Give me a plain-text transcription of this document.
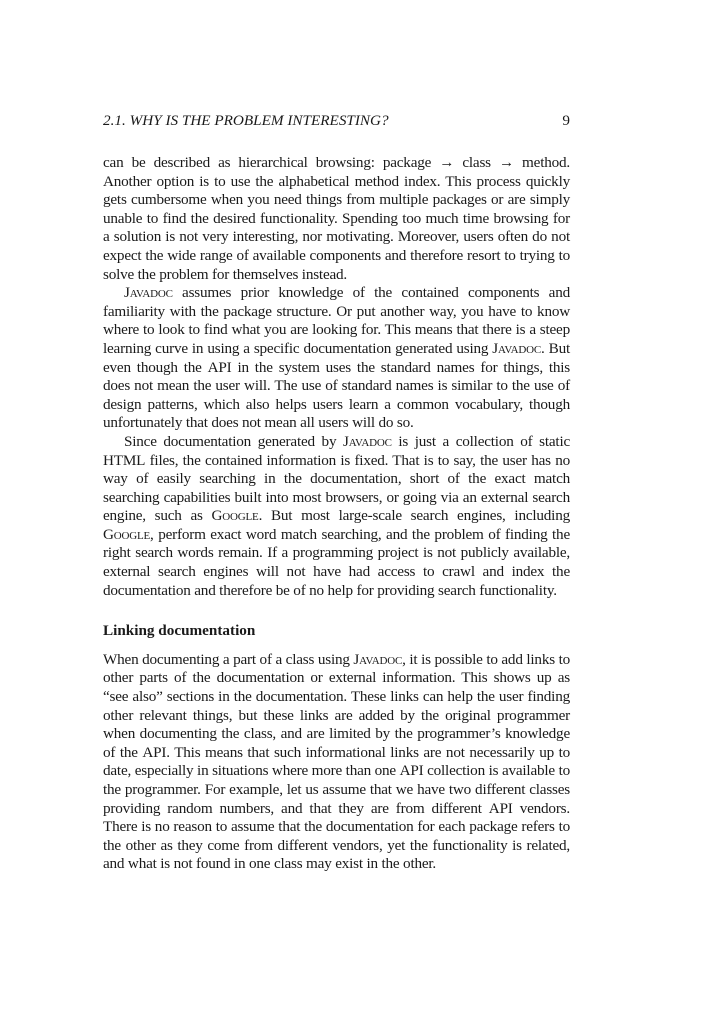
2.1. WHY IS THE PROBLEM INTERESTING?	9

can be described as hierarchical browsing: package → class → method. Another option is to use the alphabetical method index. This process quickly gets cumbersome when you need things from multiple packages or are simply unable to find the desired functionality. Spending too much time browsing for a solution is not very interesting, nor motivating. Moreover, users often do not expect the wide range of available components and therefore resort to trying to solve the problem for themselves instead.

Javadoc assumes prior knowledge of the contained components and familiarity with the package structure. Or put another way, you have to know where to look to find what you are looking for. This means that there is a steep learning curve in using a specific documentation generated using Javadoc. But even though the API in the system uses the standard names for things, this does not mean the user will. The use of standard names is similar to the use of design patterns, which also helps users learn a common vocabulary, though unfortunately that does not mean all users will do so.

Since documentation generated by Javadoc is just a collection of static HTML files, the contained information is fixed. That is to say, the user has no way of easily searching in the documentation, short of the exact match searching capabilities built into most browsers, or going via an external search engine, such as Google. But most large-scale search engines, including Google, perform exact word match searching, and the problem of finding the right search words remain. If a programming project is not publicly available, external search engines will not have had access to crawl and index the documentation and therefore be of no help for providing search functionality.

Linking documentation

When documenting a part of a class using Javadoc, it is possible to add links to other parts of the documentation or external information. This shows up as “see also” sections in the documentation. These links can help the user finding other relevant things, but these links are added by the original programmer when documenting the class, and are limited by the programmer’s knowledge of the API. This means that such informational links are not necessarily up to date, especially in situations where more than one API collection is available to the programmer. For example, let us assume that we have two different classes providing random numbers, and that they are from different API vendors. There is no reason to assume that the documentation for each package refers to the other as they come from different vendors, yet the functionality is related, and what is not found in one class may exist in the other.
